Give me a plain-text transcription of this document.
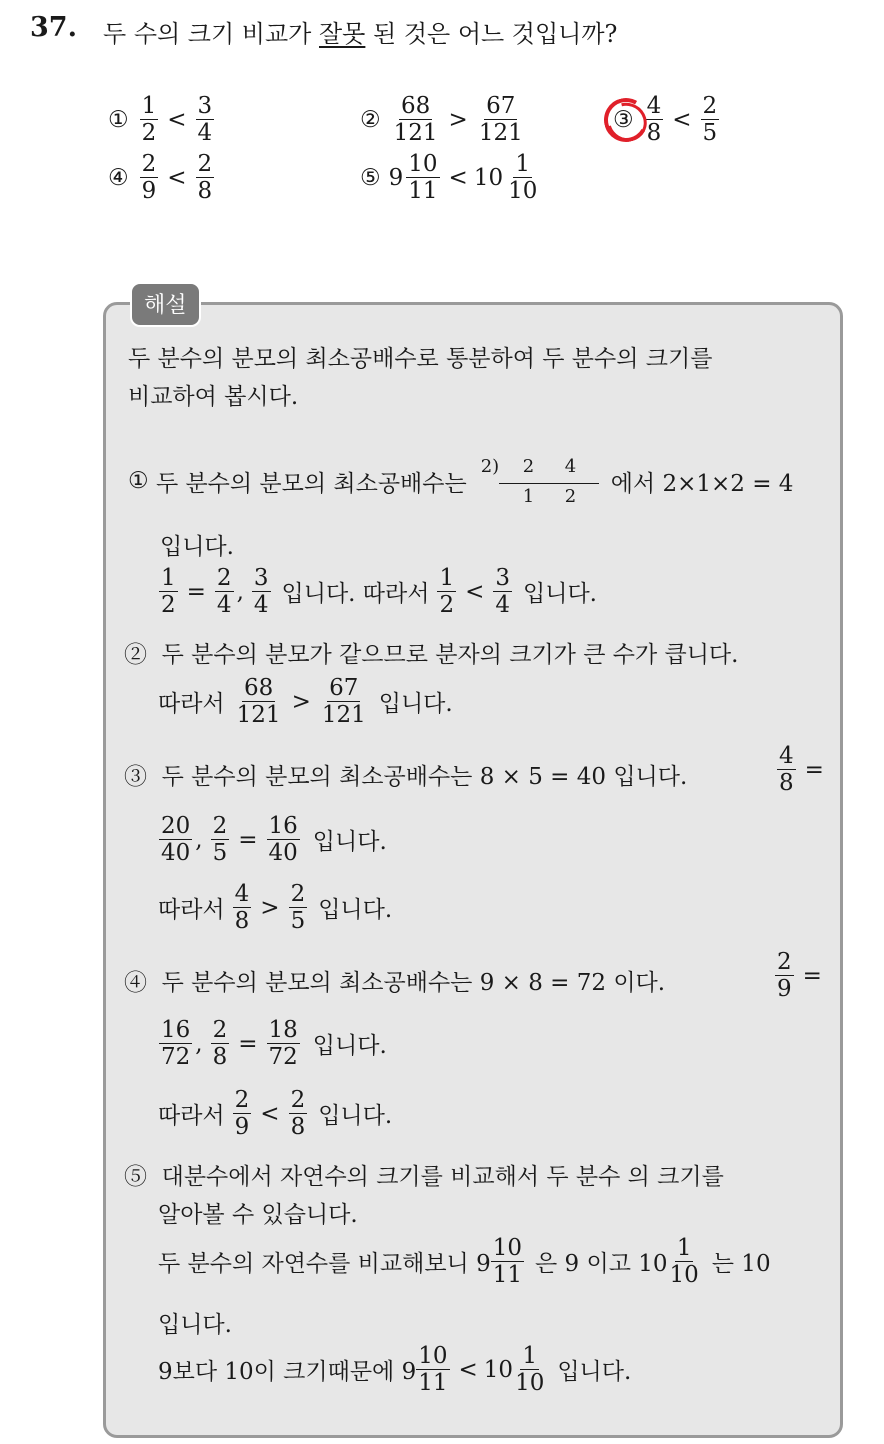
37. 두 수의 크기 비교가 잘못 된 것은 어느 것입니까?
① $\frac{1}{2} < \frac{3}{4}$	② $\frac{68}{121} > \frac{67}{121}$	③ $\frac{4}{8} < \frac{2}{5}$
④ $\frac{2}{9} < \frac{2}{8}$	⑤ $9 \frac{10}{11} < 10 \frac{1}{10}$
해설
두 분수의 분모의 최소공배수로 통분하여 두 분수의 크기를
비교하여 봅시다.
①
두 분수의 분모의 최소공배수는
2) 2 4
1 2 에서 2×1×2 = 4
입니다.
$\frac{1}{2} = \frac{2}{4}$ , $\frac{3}{4}$ 입니다. 따라서 $\frac{1}{2} < \frac{3}{4}$ 입니다.
② 두 분수의 분모가 같으므로 분자의 크기가 큰 수가 큽니다.
따라서 $\frac{68}{121} > \frac{67}{121}$ 입니다.
③ 두 분수의 분모의 최소공배수는 8 × 5 = 40 입니다.	$\frac{4}{8}$ =
$\frac{20}{40}$ , $\frac{2}{5} = \frac{16}{40}$ 입니다.
따라서 $\frac{4}{8} > \frac{2}{5}$ 입니다.
④ 두 분수의 분모의 최소공배수는 9 × 8 = 72 이다.	$\frac{2}{9}$ =
$\frac{16}{72}$ , $\frac{2}{8} = \frac{18}{72}$ 입니다.
따라서 $\frac{2}{9} < \frac{2}{8}$ 입니다.
⑤ 대분수에서 자연수의 크기를 비교해서 두 분수 의 크기를
알아볼 수 있습니다.
두 분수의 자연수를 비교해보니 $9 \frac{10}{11}$ 은 9 이고 $10 \frac{1}{10}$ 는 10
입니다.
9보다 10이 크기때문에 $9 \frac{10}{11} < 10 \frac{1}{10}$ 입니다.
